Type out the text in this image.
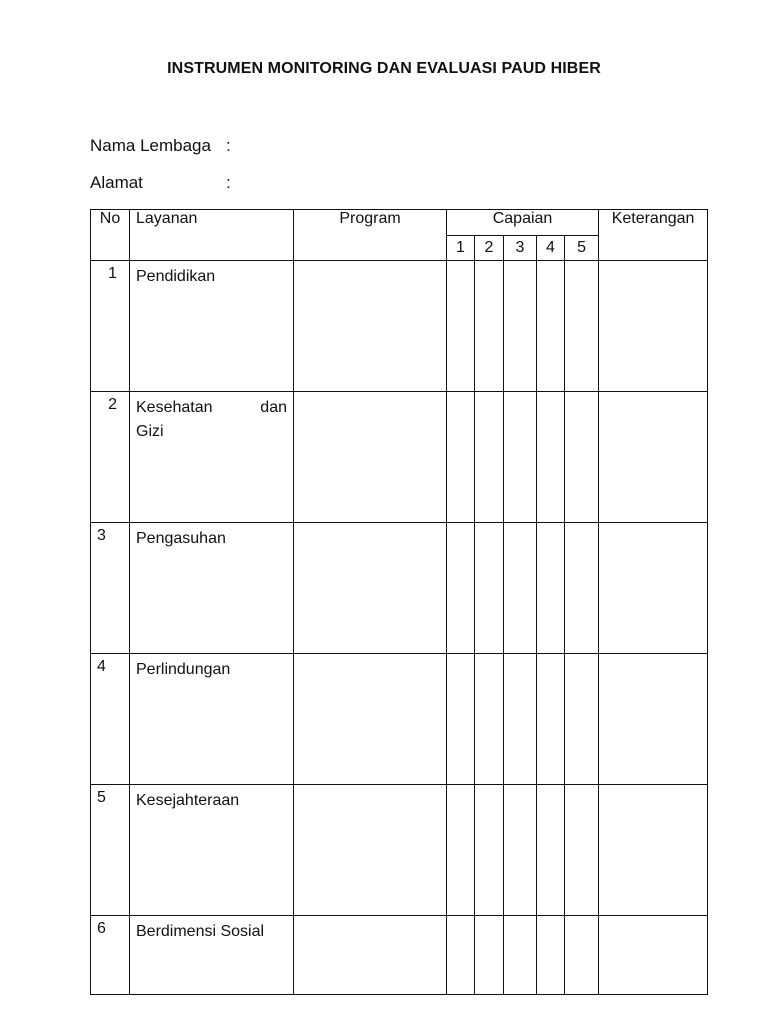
INSTRUMEN MONITORING DAN EVALUASI PAUD HIBER
Nama Lembaga :
Alamat	:
No	Layanan	Program	Capaian					Keterangan
			1	2	3	4	5	
1	Pendidikan							
2	Kesehatan dan
Gizi							

3	Pengasuhan							
4	Perlindungan							
5	Kesejahteraan							
6	Berdimensi Sosial							
